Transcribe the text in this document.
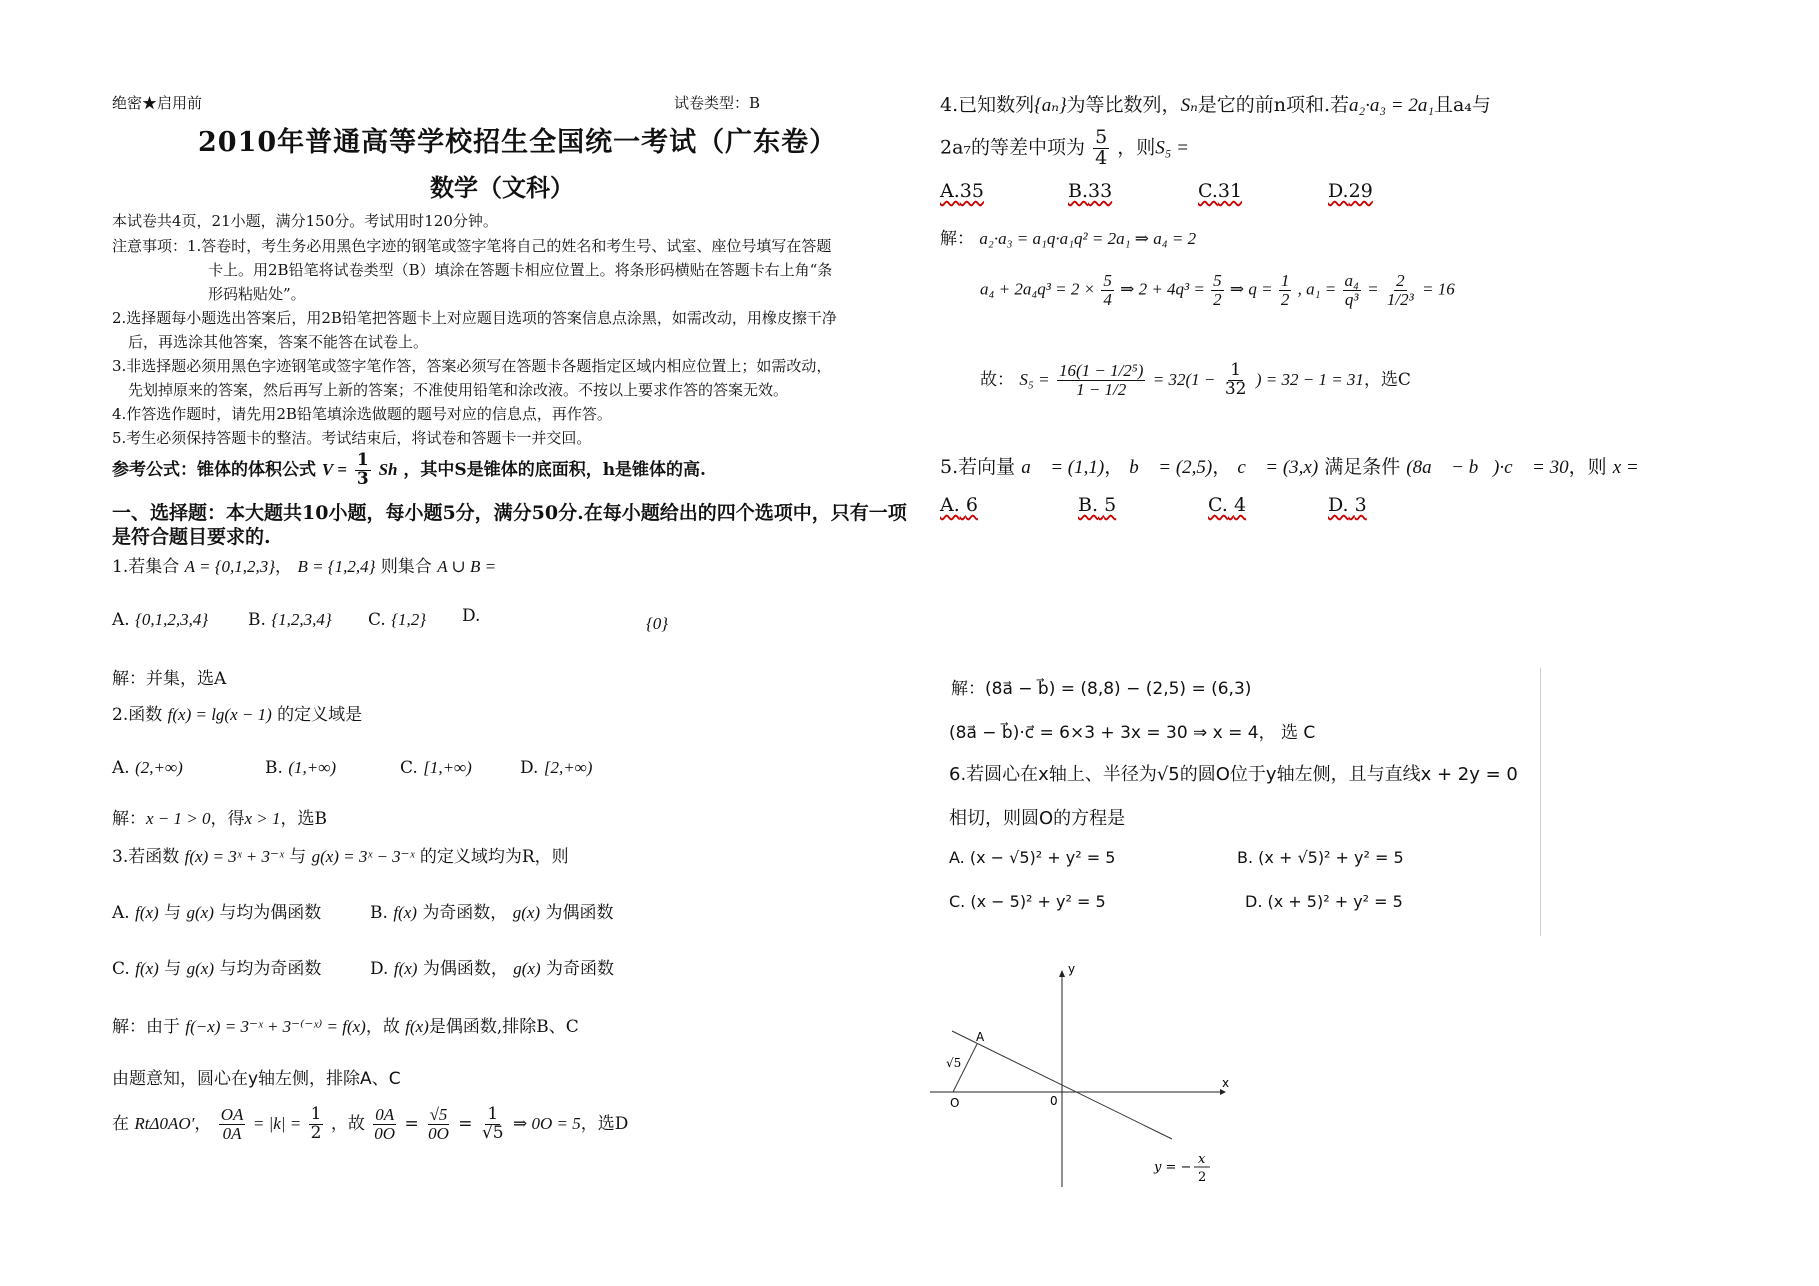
绝密★启用前	试卷类型：B
2010年普通高等学校招生全国统一考试（广东卷）
数学（文科）
本试卷共4页，21小题，满分150分。考试用时120分钟。
注意事项：1.答卷时，考生务必用黑色字迹的钢笔或签字笔将自己的姓名和考生号、试室、座位号填写在答题
卡上。用2B铅笔将试卷类型（B）填涂在答题卡相应位置上。将条形码横贴在答题卡右上角“条
形码粘贴处”。
2.选择题每小题选出答案后，用2B铅笔把答题卡上对应题目选项的答案信息点涂黑，如需改动，用橡皮擦干净
后，再选涂其他答案，答案不能答在试卷上。
3.非选择题必须用黑色字迹钢笔或签字笔作答，答案必须写在答题卡各题指定区域内相应位置上；如需改动，
先划掉原来的答案，然后再写上新的答案；不准使用铅笔和涂改液。不按以上要求作答的答案无效。
4.作答选作题时，请先用2B铅笔填涂选做题的题号对应的信息点，再作答。
5.考生必须保持答题卡的整洁。考试结束后，将试卷和答题卡一并交回。
参考公式：锥体的体积公式 $V = \frac{1}{3}$ Sh ，其中S是锥体的底面积，h是锥体的高.
一、选择题：本大题共10小题，每小题5分，满分50分.在每小题给出的四个选项中，只有一项
是符合题目要求的.
1.若集合 A = {0,1,2,3}， B = {1,2,4} 则集合 A ∪ B =
A. {0,1,2,3,4} B. {1,2,3,4} C. {1,2} D.	{0}
解：并集，选A
2.函数 f(x) = lg(x − 1) 的定义域是
A. (2,+∞)	B. (1,+∞)	C. [1,+∞)	D. [2,+∞)
解：x − 1 > 0，得x > 1，选B
3.若函数 f(x) = 3ˣ + 3⁻ˣ 与 g(x) = 3ˣ − 3⁻ˣ 的定义域均为R，则
A. f(x) 与 g(x) 与均为偶函数	B. f(x) 为奇函数， g(x) 为偶函数
C. f(x) 与 g(x) 与均为奇函数	D. f(x) 为偶函数， g(x) 为奇函数
解：由于 f(−x) = 3⁻ˣ + 3⁻⁽⁻ˣ⁾ = f(x)，故 f(x)是偶函数,排除B、C
由题意知，圆心在y轴左侧，排除A、C
在 RtΔ0AO′， $\frac{OA}{0A} = |k| = \frac{1}{2}$ ，故 $\frac{0A}{0O} = \frac{√5}{0O} = \frac{1}{√5}$ ⇒ 0O = 5，选D
4.已知数列{aₙ}为等比数列，Sₙ是它的前n项和.若a₂·a₃ = 2a₁且a₄与
2a₇的等差中项为 $\frac{5}{4}$ ，则S₅ =
A.35	B.33	C.31	D.29
解： a₂·a₃ = a₁q·a₁q² = 2a₁ ⇒ a₄ = 2
$a_4 + 2a_4q^3 = 2 \times \frac{5}{4}$ ⇒ $2 + 4q^3 = \frac{5}{2}$ ⇒ $q = \frac{1}{2}$ , $a_1 = \frac{\text{a₄}}{\text{q³}} = \frac{2}{\text{1/2³}} = 16$
故： $S_5 = \frac{\text{16(1 − 1/2⁵)}}{1 - 1/2} = 32(1 - \frac{1}{32}$ ) = 32 − 1 = 31，选C
5.若向量 a⃗ = (1,1)， b⃗ = (2,5)， c⃗ = (3,x) 满足条件 (8a⃗ − b⃗)·c⃗ = 30，则 x =
A. 6	B. 5	C. 4	D. 3
解：(8a⃗ − b⃗) = (8,8) − (2,5) = (6,3)
(8a⃗ − b⃗)·c⃗ = 6×3 + 3x = 30 ⇒ x = 4， 选 C
6.若圆心在x轴上、半径为√5的圆O位于y轴左侧，且与直线x + 2y = 0
相切，则圆O的方程是
A. (x − √5)² + y² = 5	B. (x + √5)² + y² = 5
C. (x − 5)² + y² = 5	D. (x + 5)² + y² = 5
y
x
0
A
O
√5
y = −
x
2
